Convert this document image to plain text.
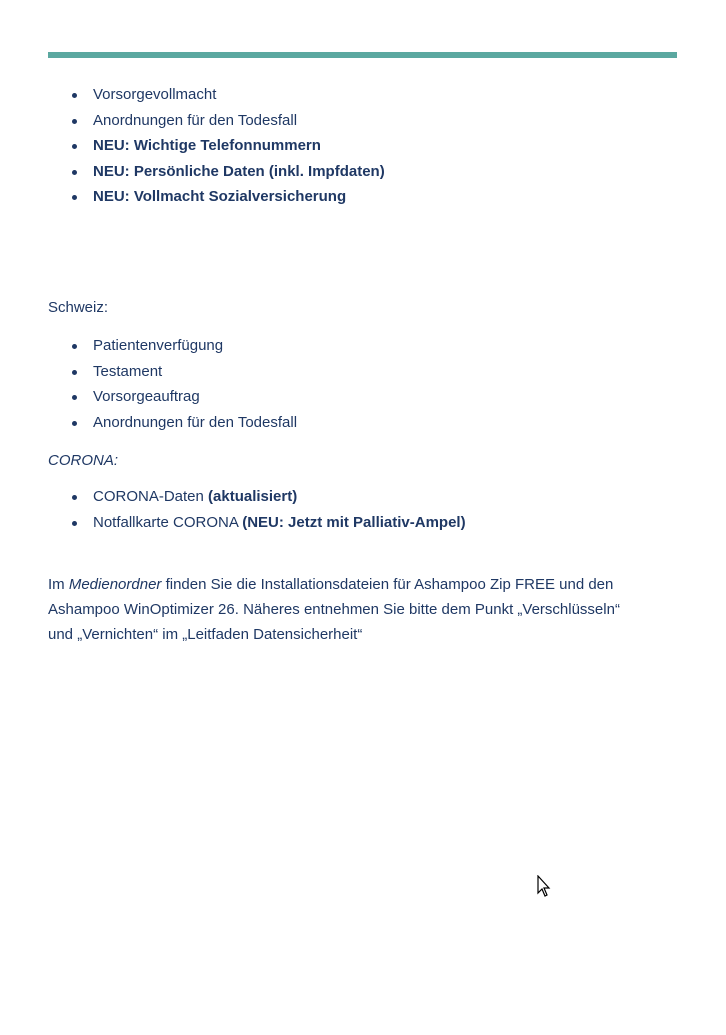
Vorsorgevollmacht
Anordnungen für den Todesfall
NEU: Wichtige Telefonnummern
NEU: Persönliche Daten (inkl. Impfdaten)
NEU: Vollmacht Sozialversicherung
Schweiz:
Patientenverfügung
Testament
Vorsorgeauftrag
Anordnungen für den Todesfall
CORONA:
CORONA-Daten (aktualisiert)
Notfallkarte CORONA (NEU: Jetzt mit Palliativ-Ampel)
Im Medienordner finden Sie die Installationsdateien für Ashampoo Zip FREE und den
Ashampoo WinOptimizer 26. Näheres entnehmen Sie bitte dem Punkt „Verschlüsseln“
und „Vernichten“ im „Leitfaden Datensicherheit“
